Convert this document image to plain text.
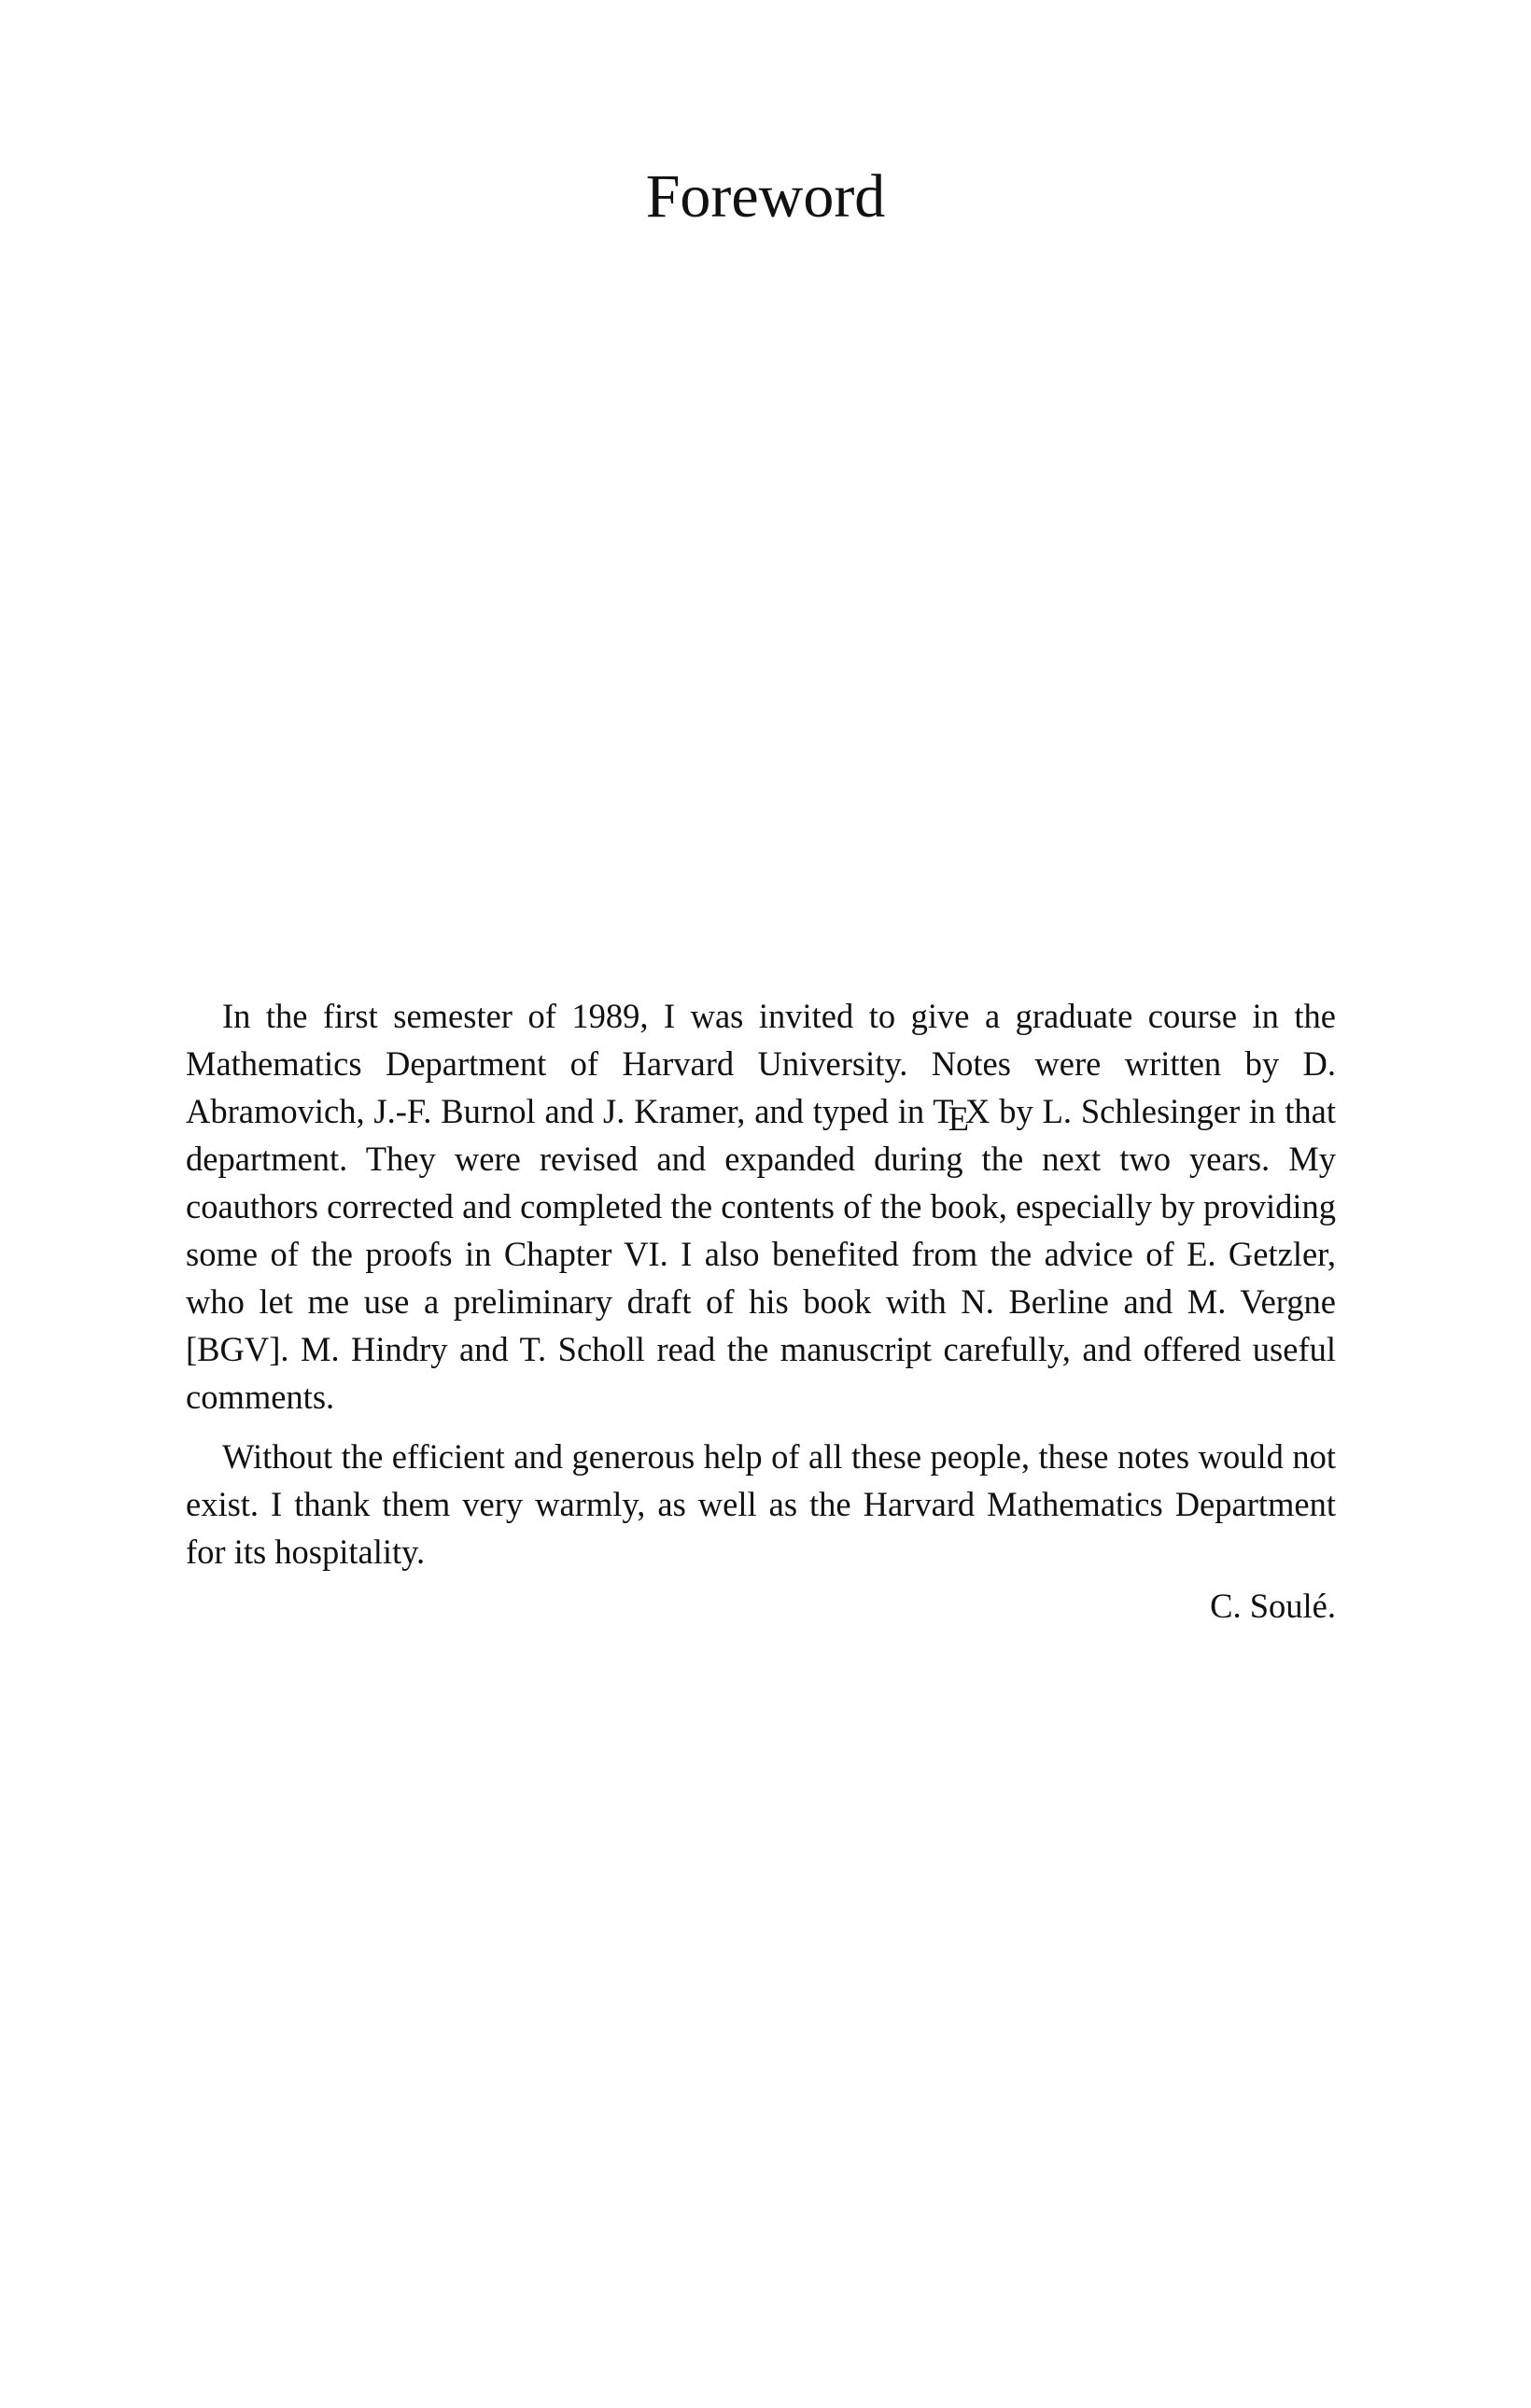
Foreword

In the first semester of 1989, I was invited to give a graduate course in the Mathematics Department of Harvard University. Notes were written by D. Abramovich, J.-F. Burnol and J. Kramer, and typed in TEX by L. Schlesinger in that department. They were revised and expanded during the next two years. My coauthors corrected and completed the contents of the book, especially by providing some of the proofs in Chapter VI. I also benefited from the advice of E. Getzler, who let me use a preliminary draft of his book with N. Berline and M. Vergne [BGV]. M. Hindry and T. Scholl read the manuscript carefully, and offered useful comments.

Without the efficient and generous help of all these people, these notes would not exist. I thank them very warmly, as well as the Harvard Mathematics Department for its hospitality.

C. Soulé.
